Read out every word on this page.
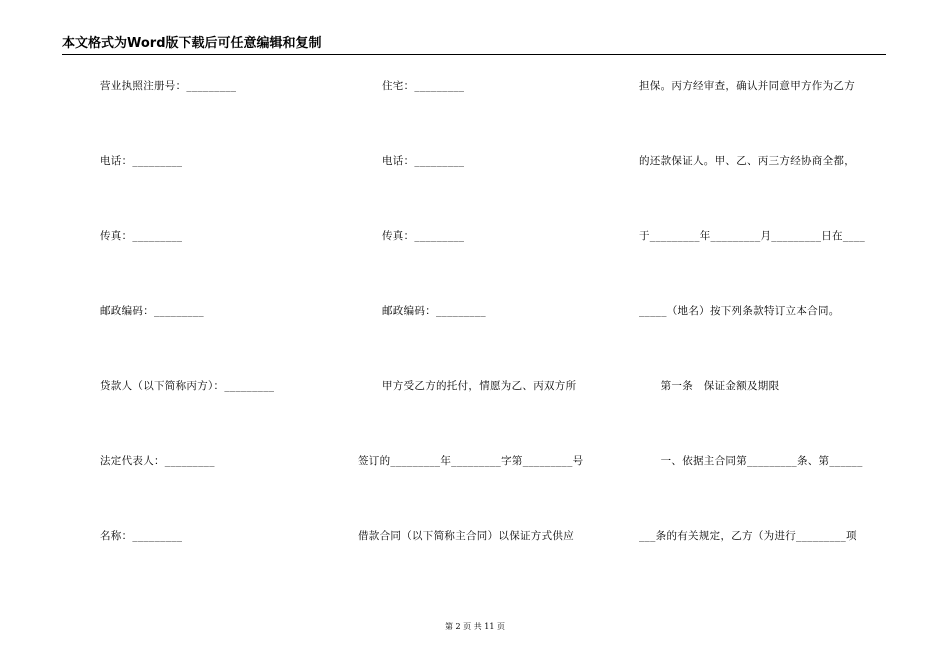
本文格式为Word版下载后可任意编辑和复制
营业执照注册号：_________
电话：_________
传真：_________
邮政编码：_________
贷款人（以下简称丙方）：_________
法定代表人：_________
名称：_________
住宅：_________
电话：_________
传真：_________
邮政编码：_________
甲方受乙方的托付，情愿为乙、丙双方所
签订的_________年_________字第_________号
借款合同（以下简称主合同）以保证方式供应
担保。丙方经审查，确认并同意甲方作为乙方
的还款保证人。甲、乙、丙三方经协商全都，
于_________年_________月_________日在____
_____（地名）按下列条款特订立本合同。
　　第一条　保证金额及期限
　　一、依据主合同第_________条、第______
___条的有关规定，乙方（为进行_________项
第 2 页 共 11 页
